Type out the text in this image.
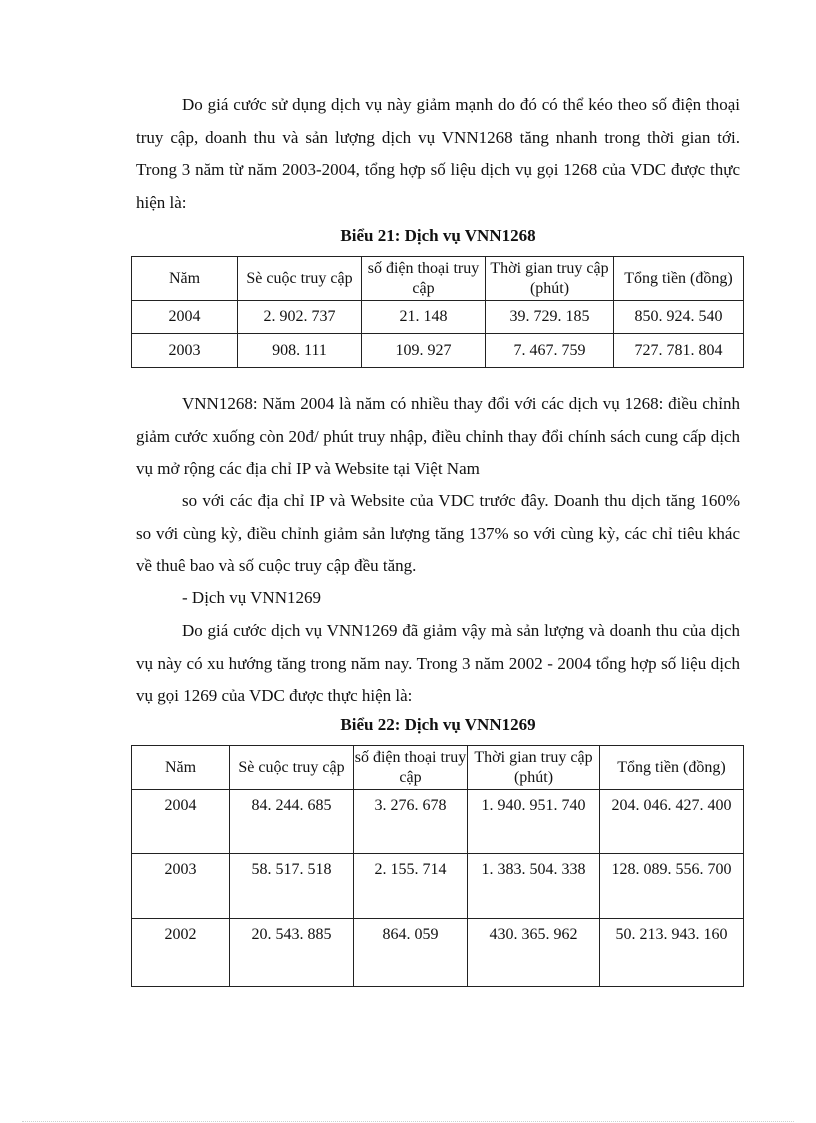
Do giá cước sử dụng dịch vụ này giảm mạnh do đó có thể kéo theo số điện thoại truy cập, doanh thu và sản lượng dịch vụ VNN1268 tăng nhanh trong thời gian tới. Trong 3 năm từ năm 2003-2004, tổng hợp số liệu dịch vụ gọi 1268 của VDC được thực hiện là:

Biểu 21: Dịch vụ VNN1268
Năm	Sè cuộc truy cập	số điện thoại truy cập	Thời gian truy cập (phút)	Tổng tiền (đồng)
2004	2. 902. 737	21. 148	39. 729. 185	850. 924. 540
2003	908. 111	109. 927	7. 467. 759	727. 781. 804

VNN1268: Năm 2004 là năm có nhiều thay đổi với các dịch vụ 1268: điều chỉnh giảm cước xuống còn 20đ/ phút truy nhập, điều chỉnh thay đổi chính sách cung cấp dịch vụ mở rộng các địa chỉ IP và Website tại Việt Nam

so với các địa chỉ IP và Website của VDC trước đây. Doanh thu dịch tăng 160% so với cùng kỳ, điều chỉnh giảm sản lượng tăng 137% so với cùng kỳ, các chỉ tiêu khác về thuê bao và số cuộc truy cập đều tăng.

- Dịch vụ VNN1269

Do giá cước dịch vụ VNN1269 đã giảm vậy mà sản lượng và doanh thu của dịch vụ này có xu hướng tăng trong năm nay. Trong 3 năm 2002 - 2004 tổng hợp số liệu dịch vụ gọi 1269 của VDC được thực hiện là:

Biểu 22: Dịch vụ VNN1269
Năm	Sè cuộc truy cập	số điện thoại truy cập	Thời gian truy cập (phút)	Tổng tiền (đồng)
2004	84. 244. 685	3. 276. 678	1. 940. 951. 740	204. 046. 427. 400
2003	58. 517. 518	2. 155. 714	1. 383. 504. 338	128. 089. 556. 700
2002	20. 543. 885	864. 059	430. 365. 962	50. 213. 943. 160
